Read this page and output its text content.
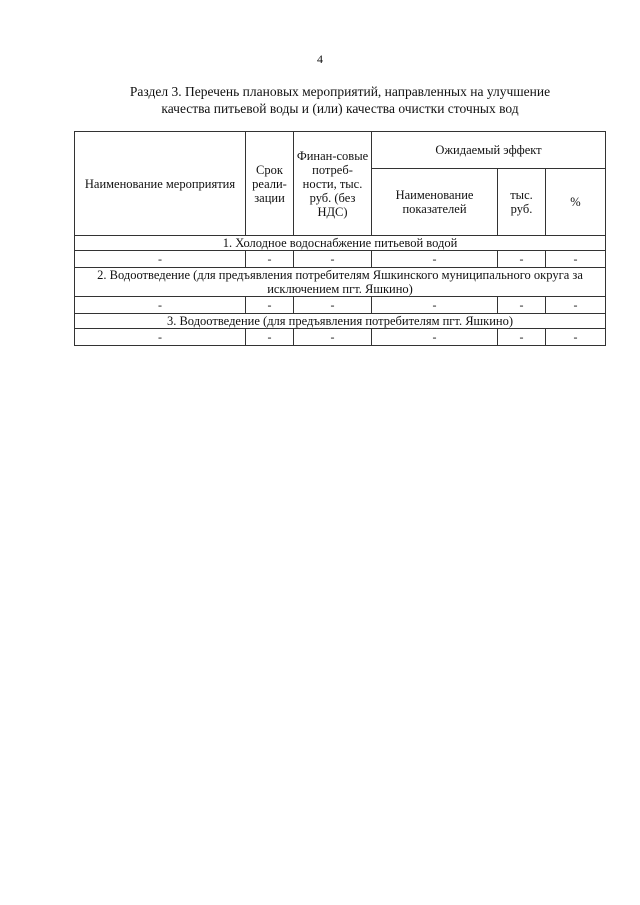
4
Раздел 3. Перечень плановых мероприятий, направленных на улучшение
качества питьевой воды и (или) качества очистки сточных вод
Наименование мероприятия	Срок реали-зации	Финан-совые потреб-ности, тыс. руб. (без НДС)	Ожидаемый эффект		
			Наименование показателей	тыс. руб.	%
1. Холодное водоснабжение питьевой водой					
-	-	-	-	-	-
2. Водоотведение (для предъявления потребителям Яшкинского муниципального округа за исключением пгт. Яшкино)					
-	-	-	-	-	-
3. Водоотведение (для предъявления потребителям пгт. Яшкино)					
-	-	-	-	-	-
